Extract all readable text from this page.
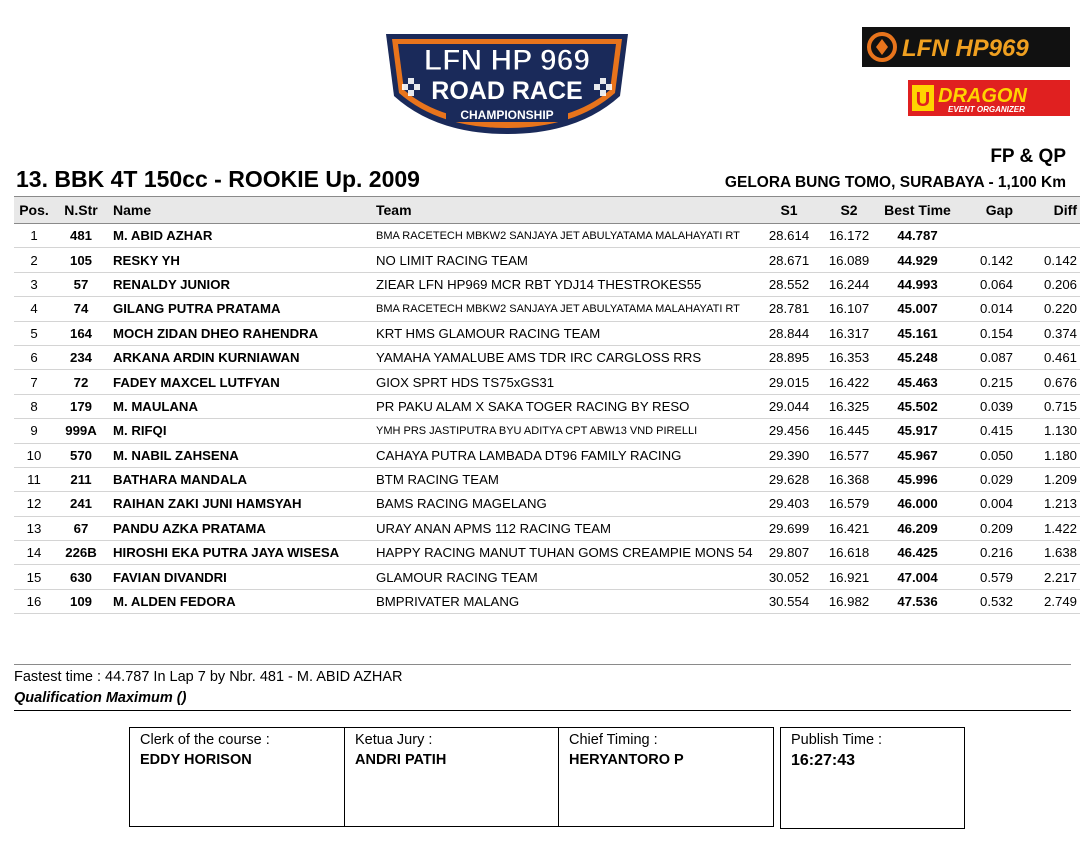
LFN HP 969
ROAD RACE
CHAMPIONSHIP
LFN HP969
U DRAGON
EVENT ORGANIZER
FP & QP
13. BBK 4T 150cc - ROOKIE Up. 2009	GELORA BUNG TOMO, SURABAYA - 1,100 Km
Pos.	N.Str	Name	Team	S1	S2	Best Time	Gap	Diff
1	481	M. ABID AZHAR	BMA RACETECH MBKW2 SANJAYA JET ABULYATAMA MALAHAYATI RT	28.614	16.172	44.787		
2	105	RESKY YH	NO LIMIT RACING TEAM	28.671	16.089	44.929	0.142	0.142
3	57	RENALDY JUNIOR	ZIEAR LFN HP969 MCR RBT YDJ14 THESTROKES55	28.552	16.244	44.993	0.064	0.206
4	74	GILANG PUTRA PRATAMA	BMA RACETECH MBKW2 SANJAYA JET ABULYATAMA MALAHAYATI RT	28.781	16.107	45.007	0.014	0.220
5	164	MOCH ZIDAN DHEO RAHENDRA	KRT HMS GLAMOUR RACING TEAM	28.844	16.317	45.161	0.154	0.374
6	234	ARKANA ARDIN KURNIAWAN	YAMAHA YAMALUBE AMS TDR IRC CARGLOSS RRS	28.895	16.353	45.248	0.087	0.461
7	72	FADEY MAXCEL LUTFYAN	GIOX SPRT HDS TS75xGS31	29.015	16.422	45.463	0.215	0.676
8	179	M. MAULANA	PR PAKU ALAM X SAKA TOGER RACING BY RESO	29.044	16.325	45.502	0.039	0.715
9	999A	M. RIFQI	YMH PRS JASTIPUTRA BYU ADITYA CPT ABW13 VND PIRELLI	29.456	16.445	45.917	0.415	1.130
10	570	M. NABIL ZAHSENA	CAHAYA PUTRA LAMBADA DT96 FAMILY RACING	29.390	16.577	45.967	0.050	1.180
11	211	BATHARA MANDALA	BTM RACING TEAM	29.628	16.368	45.996	0.029	1.209
12	241	RAIHAN ZAKI JUNI HAMSYAH	BAMS RACING MAGELANG	29.403	16.579	46.000	0.004	1.213
13	67	PANDU AZKA PRATAMA	URAY ANAN APMS 112 RACING TEAM	29.699	16.421	46.209	0.209	1.422
14	226B	HIROSHI EKA PUTRA JAYA WISESA	HAPPY RACING MANUT TUHAN GOMS CREAMPIE MONS 54	29.807	16.618	46.425	0.216	1.638
15	630	FAVIAN DIVANDRI	GLAMOUR RACING TEAM	30.052	16.921	47.004	0.579	2.217
16	109	M. ALDEN FEDORA	BMPRIVATER MALANG	30.554	16.982	47.536	0.532	2.749
Fastest time : 44.787 In Lap 7 by Nbr. 481 - M. ABID AZHAR
Qualification Maximum ()
Clerk of the course :
EDDY HORISON
Ketua Jury :
ANDRI PATIH
Chief Timing :
HERYANTORO P
Publish Time :
16:27:43
